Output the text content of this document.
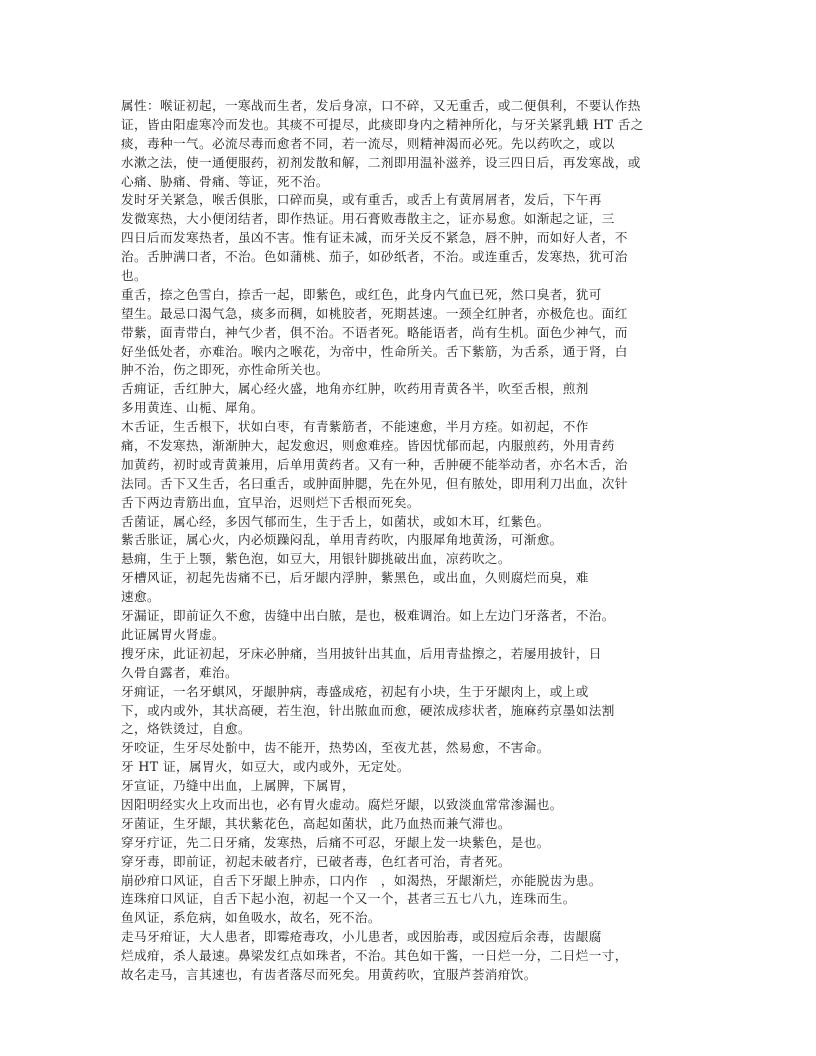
属性：喉证初起，一寒战而生者，发后身凉，口不碎，又无重舌，或二便俱利，不要认作热
证，皆由阳虚寒冷而发也。其痰不可提尽，此痰即身内之精神所化，与牙关紧乳蛾 HT 舌之
痰，毒种一气。必流尽毒而愈者不同，若一流尽，则精神渴而必死。先以药吹之，或以
水漱之法，使一通便服药，初剂发散和解，二剂即用温补滋养，设三四日后，再发寒战，或
心痛、胁痛、骨痛、等证，死不治。
发时牙关紧急，喉舌俱胀，口碎而臭，或有重舌，或舌上有黄屑屑者，发后，下午再
发微寒热，大小便闭结者，即作热证。用石膏败毒散主之，证亦易愈。如渐起之证，三
四日后而发寒热者，虽凶不害。惟有证未减，而牙关反不紧急，唇不肿，而如好人者，不
治。舌肿满口者，不治。色如蒲桃、茄子，如砂纸者，不治。或连重舌，发寒热，犹可治
也。
重舌，捺之色雪白，捺舌一起，即紫色，或红色，此身内气血已死，然口臭者，犹可
望生。最忌口渴气急，痰多而稠，如桃胶者，死期甚速。一颈全红肿者，亦极危也。面红
带紫，面青带白，神气少者，俱不治。不语者死。略能语者，尚有生机。面色少神气，而
好坐低处者，亦难治。喉内之喉花，为帝中，性命所关。舌下紫筋，为舌系，通于肾，白
肿不治，伤之即死，亦性命所关也。
舌痈证，舌红肿大，属心经火盛，地角亦红肿，吹药用青黄各半，吹至舌根，煎剂
多用黄连、山栀、犀角。
木舌证，生舌根下，状如白枣，有青紫筋者，不能速愈，半月方痊。如初起，不作
痛，不发寒热，渐渐肿大，起发愈迟，则愈难痊。皆因忧郁而起，内服煎药，外用青药
加黄药，初时或青黄兼用，后单用黄药者。又有一种，舌肿硬不能举动者，亦名木舌，治
法同。舌下又生舌，名曰重舌，或肿面肿腮，先在外见，但有脓处，即用利刀出血，次针
舌下两边青筋出血，宜早治，迟则烂下舌根而死矣。
舌菌证，属心经，多因气郁而生，生于舌上，如菌状，或如木耳，红紫色。
紫舌胀证，属心火，内必烦躁闷乱，单用青药吹，内服犀角地黄汤，可渐愈。
悬痈，生于上颚，紫色泡，如豆大，用银针脚挑破出血，凉药吹之。
牙槽风证，初起先齿痛不已，后牙龈内浮肿，紫黑色，或出血，久则腐烂而臭，难
速愈。
牙漏证，即前证久不愈，齿缝中出白脓，是也，极难调治。如上左边门牙落者，不治。
此证属胃火肾虚。
搜牙床，此证初起，牙床必肿痛，当用披针出其血，后用青盐擦之，若屡用披针，日
久骨自露者，难治。
牙痈证，一名牙蜞风，牙龈肿病，毒盛成疮，初起有小块，生于牙龈肉上，或上或
下，或内或外，其状高硬，若生泡，针出脓血而愈，硬浓成疹状者，施麻药京墨如法割
之，烙铁烫过，自愈。
牙咬证，生牙尽处骱中，齿不能开，热势凶，至夜尤甚，然易愈，不害命。
牙 HT 证，属胃火，如豆大，或内或外，无定处。
牙宣证，乃缝中出血，上属脾，下属胃，
因阳明经实火上攻而出也，必有胃火虚动。腐烂牙龈，以致淡血常常渗漏也。
牙菌证，生牙龈，其状紫花色，高起如菌状，此乃血热而兼气滞也。
穿牙疔证，先二日牙痛，发寒热，后痛不可忍，牙龈上发一块紫色，是也。
穿牙毒，即前证，初起未破者疔，已破者毒，色红者可治，青者死。
崩砂疳口风证，自舌下牙龈上肿赤，口内作　，如渴热，牙龈渐烂，亦能脱齿为患。
连珠疳口风证，自舌下起小泡，初起一个又一个，甚者三五七八九，连珠而生。
鱼风证，系危病，如鱼吸水，故名，死不治。
走马牙疳证，大人患者，即霉疮毒攻，小儿患者，或因胎毒，或因痘后余毒，齿龈腐
烂成疳，杀人最速。鼻梁发红点如珠者，不治。其色如干酱，一日烂一分，二日烂一寸，
故名走马，言其速也，有齿者落尽而死矣。用黄药吹，宜服芦荟消疳饮。
